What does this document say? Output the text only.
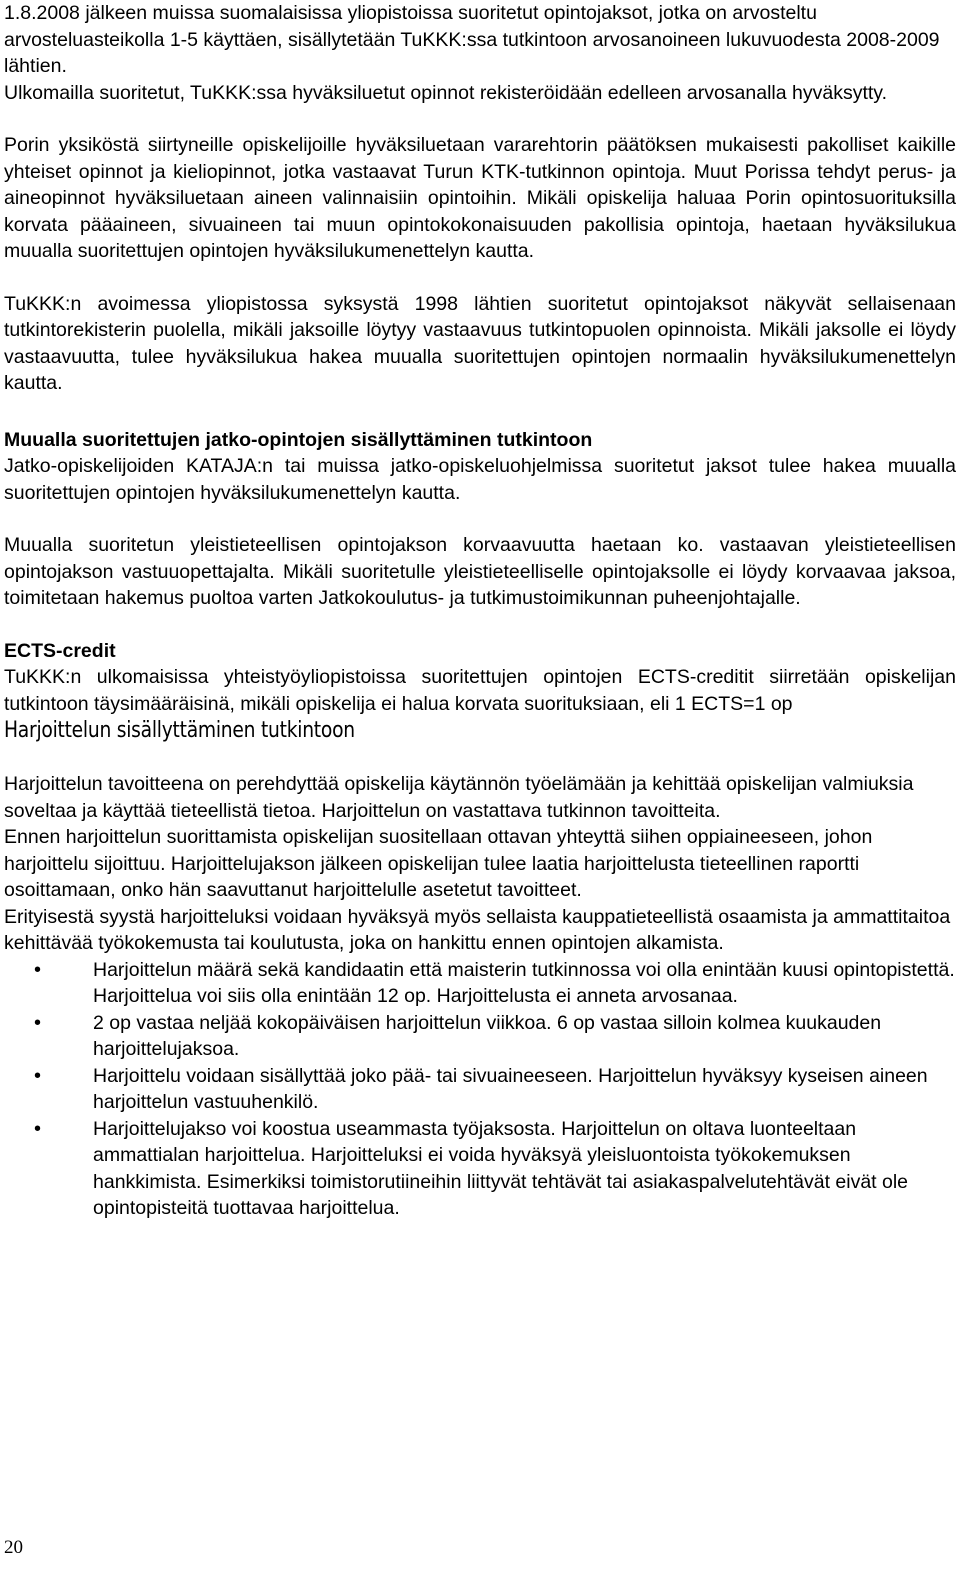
1.8.2008 jälkeen muissa suomalaisissa yliopistoissa suoritetut opintojaksot, jotka on arvosteltu arvosteluasteikolla 1-5 käyttäen, sisällytetään TuKKK:ssa tutkintoon arvosanoineen lukuvuodesta 2008-2009 lähtien.

Ulkomailla suoritetut, TuKKK:ssa hyväksiluetut opinnot rekisteröidään edelleen arvosanalla hyväksytty.

Porin yksiköstä siirtyneille opiskelijoille hyväksiluetaan vararehtorin päätöksen mukaisesti pakolliset kaikille yhteiset opinnot ja kieliopinnot, jotka vastaavat Turun KTK-tutkinnon opintoja. Muut Porissa tehdyt perus- ja aineopinnot hyväksiluetaan aineen valinnaisiin opintoihin. Mikäli opiskelija haluaa Porin opintosuorituksilla korvata pääaineen, sivuaineen tai muun opintokokonaisuuden pakollisia opintoja, haetaan hyväksilukua muualla suoritettujen opintojen hyväksilukumenettelyn kautta.

TuKKK:n avoimessa yliopistossa syksystä 1998 lähtien suoritetut opintojaksot näkyvät sellaisenaan tutkintorekisterin puolella, mikäli jaksoille löytyy vastaavuus tutkintopuolen opinnoista. Mikäli jaksolle ei löydy vastaavuutta, tulee hyväksilukua hakea muualla suoritettujen opintojen normaalin hyväksilukumenettelyn kautta.

Muualla suoritettujen jatko-opintojen sisällyttäminen tutkintoon

Jatko-opiskelijoiden KATAJA:n tai muissa jatko-opiskeluohjelmissa suoritetut jaksot tulee hakea muualla suoritettujen opintojen hyväksilukumenettelyn kautta.

Muualla suoritetun yleistieteellisen opintojakson korvaavuutta haetaan ko. vastaavan yleistieteellisen opintojakson vastuuopettajalta. Mikäli suoritetulle yleistieteelliselle opintojaksolle ei löydy korvaavaa jaksoa, toimitetaan hakemus puoltoa varten Jatkokoulutus- ja tutkimustoimikunnan puheenjohtajalle.

ECTS-credit

TuKKK:n ulkomaisissa yhteistyöyliopistoissa suoritettujen opintojen ECTS-creditit siirretään opiskelijan tutkintoon täysimääräisinä, mikäli opiskelija ei halua korvata suorituksiaan, eli 1 ECTS=1 op

Harjoittelun sisällyttäminen tutkintoon

Harjoittelun tavoitteena on perehdyttää opiskelija käytännön työelämään ja kehittää opiskelijan valmiuksia soveltaa ja käyttää tieteellistä tietoa. Harjoittelun on vastattava tutkinnon tavoitteita.

Ennen harjoittelun suorittamista opiskelijan suositellaan ottavan yhteyttä siihen oppiaineeseen, johon harjoittelu sijoittuu. Harjoittelujakson jälkeen opiskelijan tulee laatia harjoittelusta tieteellinen raportti osoittamaan, onko hän saavuttanut harjoittelulle asetetut tavoitteet.

Erityisestä syystä harjoitteluksi voidaan hyväksyä myös sellaista kauppatieteellistä osaamista ja ammattitaitoa kehittävää työkokemusta tai koulutusta, joka on hankittu ennen opintojen alkamista.

• Harjoittelun määrä sekä kandidaatin että maisterin tutkinnossa voi olla enintään kuusi opintopistettä. Harjoittelua voi siis olla enintään 12 op. Harjoittelusta ei anneta arvosanaa.
• 2 op vastaa neljää kokopäiväisen harjoittelun viikkoa. 6 op vastaa silloin kolmea kuukauden harjoittelujaksoa.
• Harjoittelu voidaan sisällyttää joko pää- tai sivuaineeseen. Harjoittelun hyväksyy kyseisen aineen harjoittelun vastuuhenkilö.
• Harjoittelujakso voi koostua useammasta työjaksosta. Harjoittelun on oltava luonteeltaan ammattialan harjoittelua. Harjoitteluksi ei voida hyväksyä yleisluontoista työkokemuksen hankkimista. Esimerkiksi toimistorutiineihin liittyvät tehtävät tai asiakaspalvelutehtävät eivät ole opintopisteitä tuottavaa harjoittelua.
20
